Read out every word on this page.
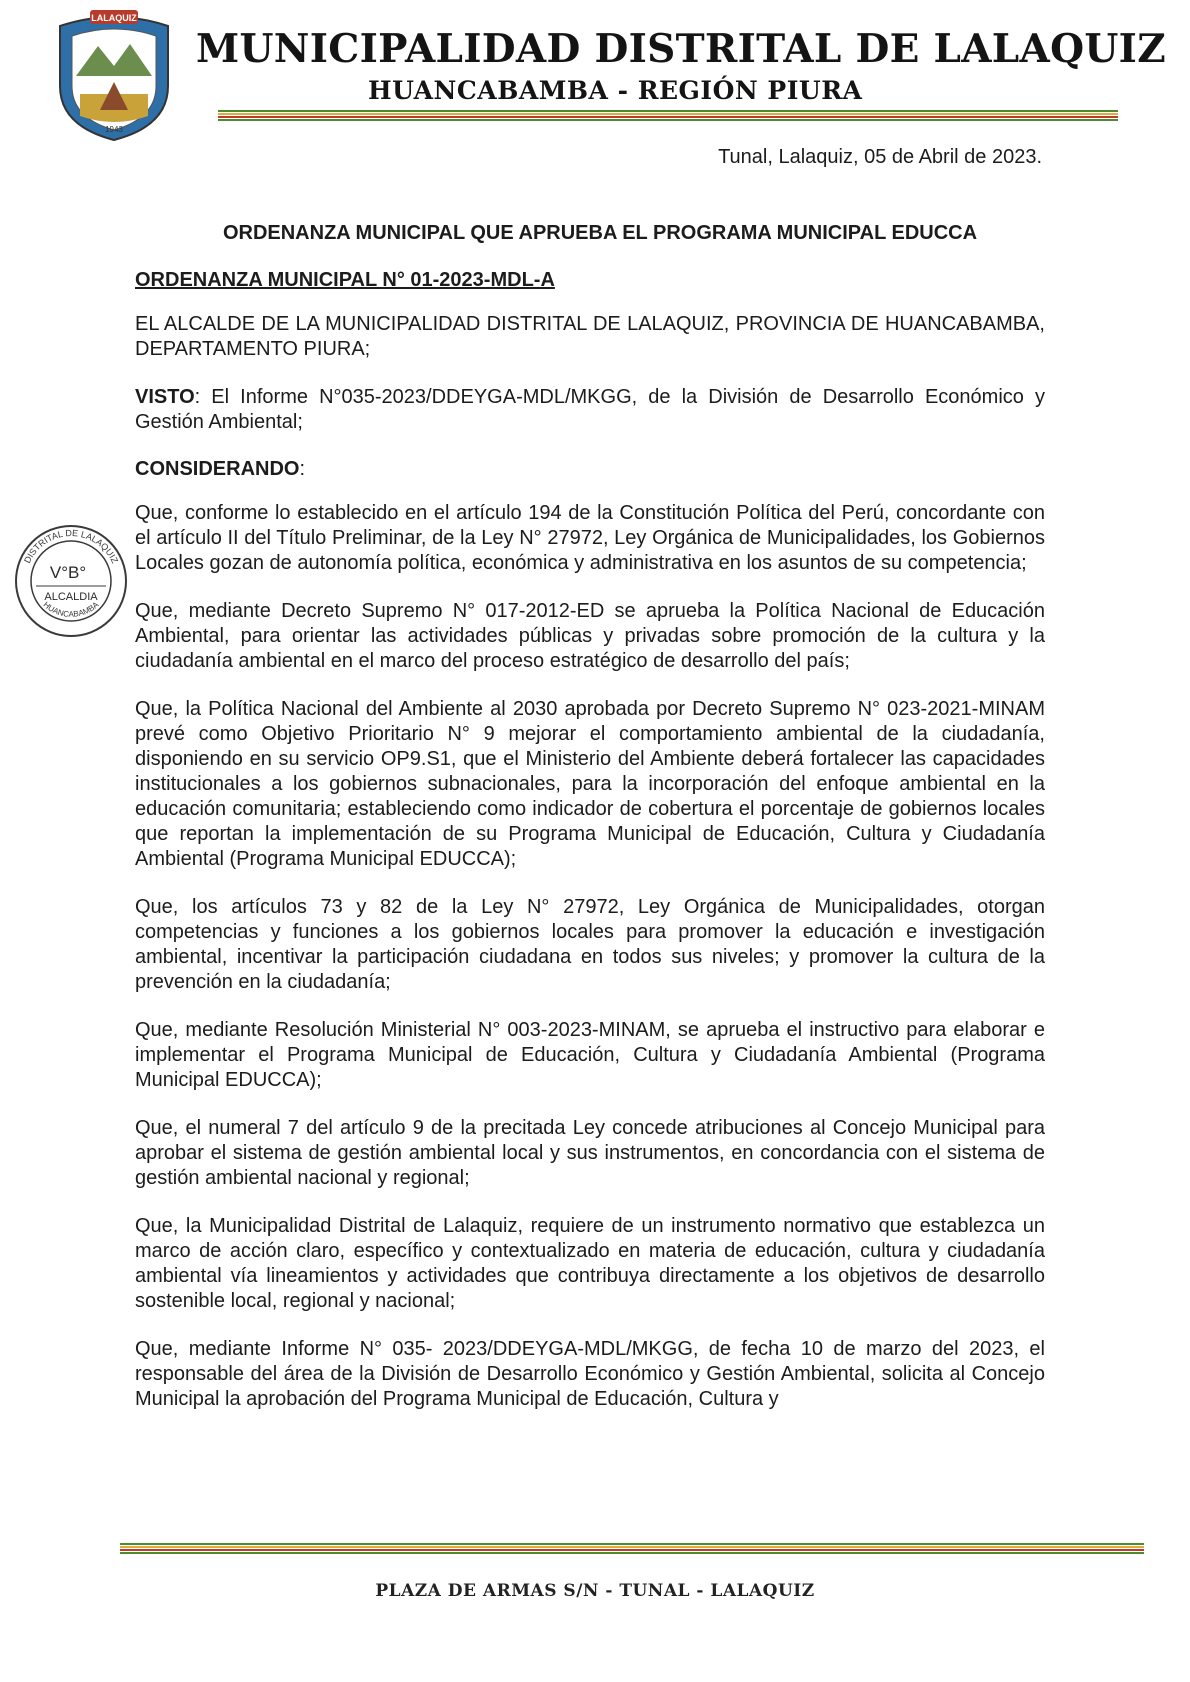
LALAQUIZ
1943
MUNICIPALIDAD DISTRITAL DE LALAQUIZ
HUANCABAMBA - REGIÓN PIURA
Tunal, Lalaquiz, 05 de Abril de 2023.
DISTRITAL DE LALAQUIZ
HUANCABAMBA
V°B°
ALCALDIA
ORDENANZA MUNICIPAL QUE APRUEBA EL PROGRAMA MUNICIPAL EDUCCA
ORDENANZA MUNICIPAL N° 01-2023-MDL-A

EL ALCALDE DE LA MUNICIPALIDAD DISTRITAL DE LALAQUIZ, PROVINCIA DE HUANCABAMBA, DEPARTAMENTO PIURA;

VISTO: El Informe N°035-2023/DDEYGA-MDL/MKGG, de la División de Desarrollo Económico y Gestión Ambiental;

CONSIDERANDO:

Que, conforme lo establecido en el artículo 194 de la Constitución Política del Perú, concordante con el artículo II del Título Preliminar, de la Ley N° 27972, Ley Orgánica de Municipalidades, los Gobiernos Locales gozan de autonomía política, económica y administrativa en los asuntos de su competencia;

Que, mediante Decreto Supremo N° 017-2012-ED se aprueba la Política Nacional de Educación Ambiental, para orientar las actividades públicas y privadas sobre promoción de la cultura y la ciudadanía ambiental en el marco del proceso estratégico de desarrollo del país;

Que, la Política Nacional del Ambiente al 2030 aprobada por Decreto Supremo N° 023-2021-MINAM prevé como Objetivo Prioritario N° 9 mejorar el comportamiento ambiental de la ciudadanía, disponiendo en su servicio OP9.S1, que el Ministerio del Ambiente deberá fortalecer las capacidades institucionales a los gobiernos subnacionales, para la incorporación del enfoque ambiental en la educación comunitaria; estableciendo como indicador de cobertura el porcentaje de gobiernos locales que reportan la implementación de su Programa Municipal de Educación, Cultura y Ciudadanía Ambiental (Programa Municipal EDUCCA);

Que, los artículos 73 y 82 de la Ley N° 27972, Ley Orgánica de Municipalidades, otorgan competencias y funciones a los gobiernos locales para promover la educación e investigación ambiental, incentivar la participación ciudadana en todos sus niveles; y promover la cultura de la prevención en la ciudadanía;

Que, mediante Resolución Ministerial N° 003-2023-MINAM, se aprueba el instructivo para elaborar e implementar el Programa Municipal de Educación, Cultura y Ciudadanía Ambiental (Programa Municipal EDUCCA);

Que, el numeral 7 del artículo 9 de la precitada Ley concede atribuciones al Concejo Municipal para aprobar el sistema de gestión ambiental local y sus instrumentos, en concordancia con el sistema de gestión ambiental nacional y regional;

Que, la Municipalidad Distrital de Lalaquiz, requiere de un instrumento normativo que establezca un marco de acción claro, específico y contextualizado en materia de educación, cultura y ciudadanía ambiental vía lineamientos y actividades que contribuya directamente a los objetivos de desarrollo sostenible local, regional y nacional;

Que, mediante Informe N° 035- 2023/DDEYGA-MDL/MKGG, de fecha 10 de marzo del 2023, el responsable del área de la División de Desarrollo Económico y Gestión Ambiental, solicita al Concejo Municipal la aprobación del Programa Municipal de Educación, Cultura y

PLAZA DE ARMAS S/N - TUNAL - LALAQUIZ
